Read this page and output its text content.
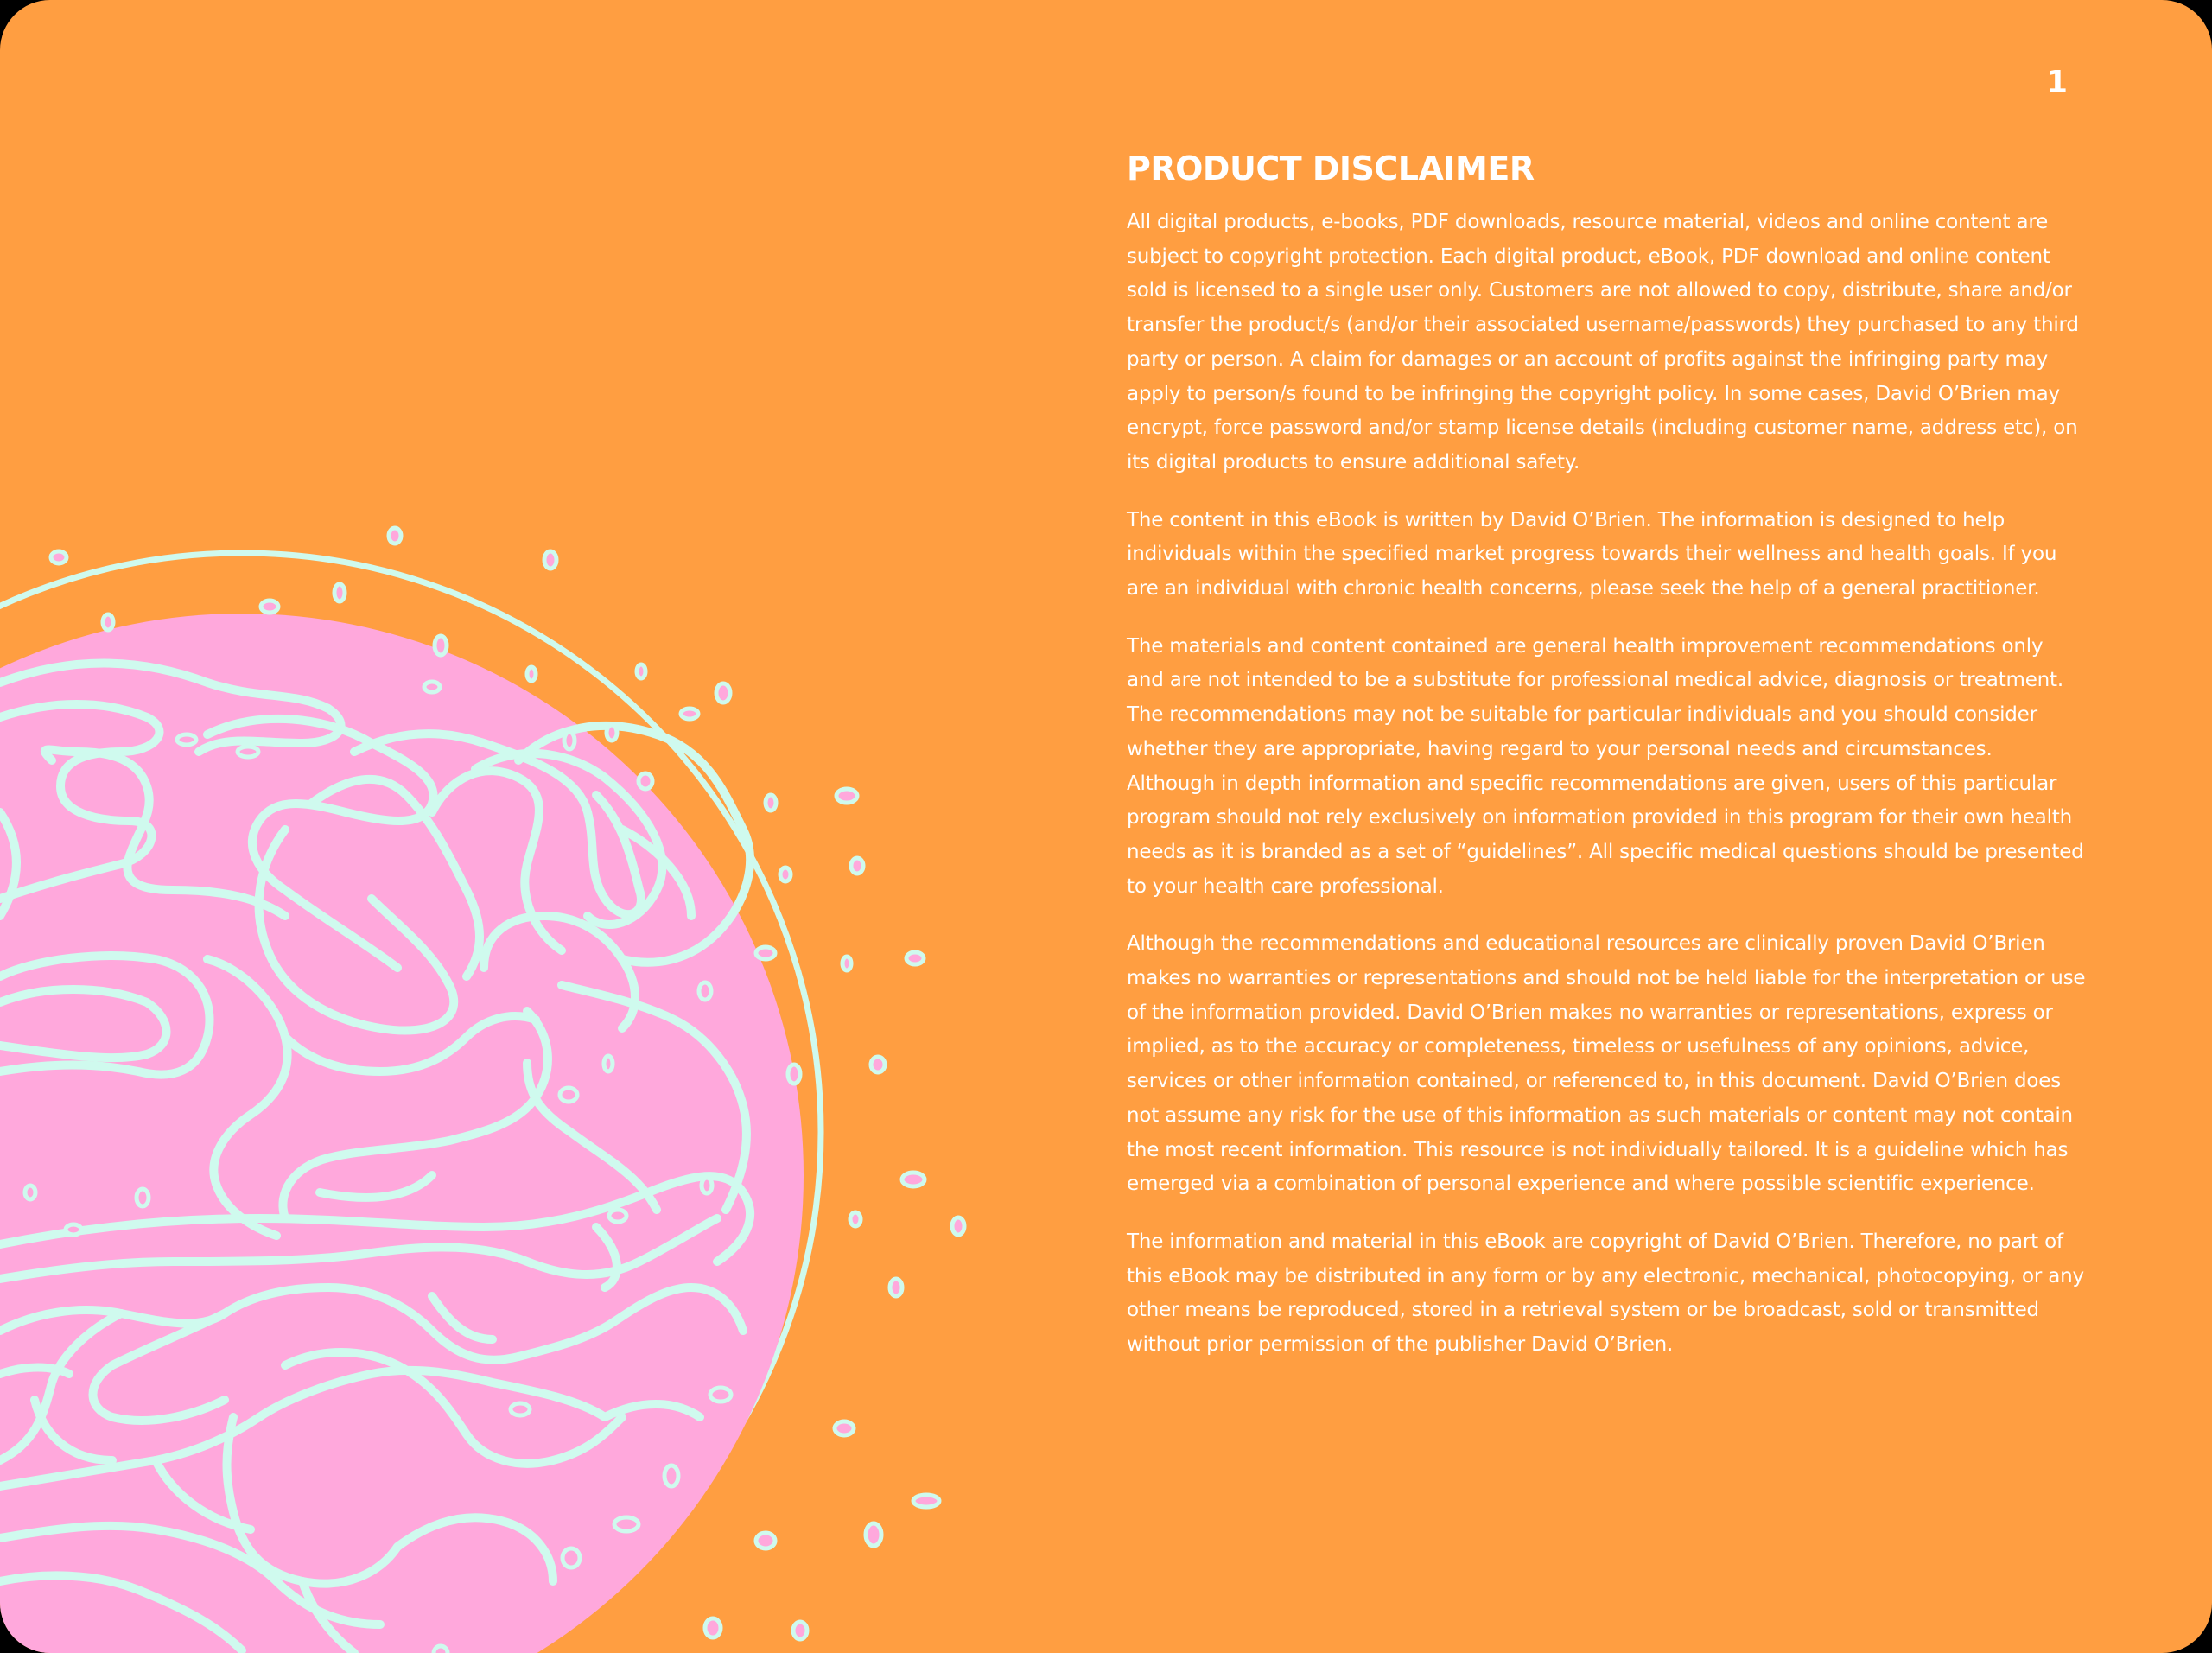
1
PRODUCT DISCLAIMER

All digital products, e-books, PDF downloads, resource material, videos and online content are subject to copyright protection. Each digital product, eBook, PDF download and online content sold is licensed to a single user only. Customers are not allowed to copy, distribute, share and/or transfer the product/s (and/or their associated username/passwords) they purchased to any third party or person. A claim for damages or an account of profits against the infringing party may apply to person/s found to be infringing the copyright policy. In some cases, David O’Brien may encrypt, force password and/or stamp license details (including customer name, address etc), on its digital products to ensure additional safety.

The content in this eBook is written by David O’Brien. The information is designed to help individuals within the specified market progress towards their wellness and health goals. If you are an individual with chronic health concerns, please seek the help of a general practitioner.

The materials and content contained are general health improvement recommendations only and are not intended to be a substitute for professional medical advice, diagnosis or treatment. The recommendations may not be suitable for particular individuals and you should consider whether they are appropriate, having regard to your personal needs and circumstances. Although in depth information and specific recommendations are given, users of this particular program should not rely exclusively on information provided in this program for their own health needs as it is branded as a set of “guidelines”. All specific medical questions should be presented to your health care professional.

Although the recommendations and educational resources are clinically proven David O’Brien makes no warranties or representations and should not be held liable for the interpretation or use of the information provided. David O’Brien makes no warranties or representations, express or implied, as to the accuracy or completeness, timeless or usefulness of any opinions, advice, services or other information contained, or referenced to, in this document. David O’Brien does not assume any risk for the use of this information as such materials or content may not contain the most recent information. This resource is not individually tailored. It is a guideline which has emerged via a combination of personal experience and where possible scientific experience.

The information and material in this eBook are copyright of David O’Brien. Therefore, no part of this eBook may be distributed in any form or by any electronic, mechanical, photocopying, or any other means be reproduced, stored in a retrieval system or be broadcast, sold or transmitted without prior permission of the publisher David O’Brien.
